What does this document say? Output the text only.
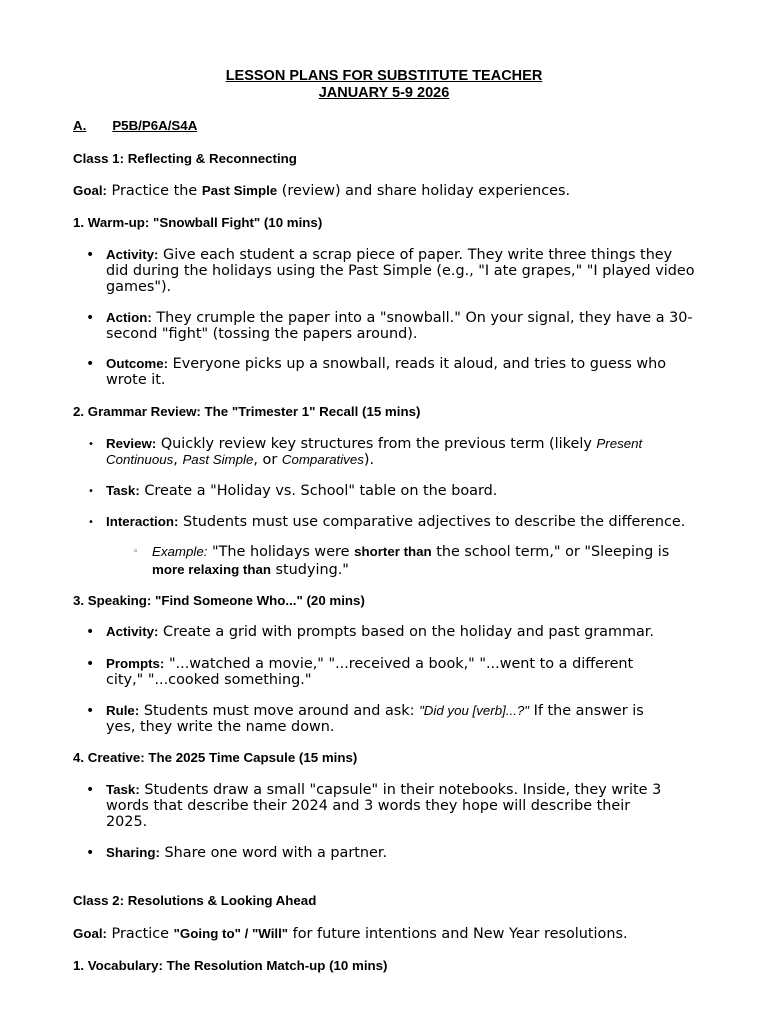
LESSON PLANS FOR SUBSTITUTE TEACHER
JANUARY 5-9 2026
A. P5B/P6A/S4A
Class 1: Reflecting & Reconnecting
Goal: Practice the Past Simple (review) and share holiday experiences.
1. Warm-up: "Snowball Fight" (10 mins)
• Activity: Give each student a scrap piece of paper. They write three things they did during the holidays using the Past Simple (e.g., "I ate grapes," "I played video games").
• Action: They crumple the paper into a "snowball." On your signal, they have a 30-second "fight" (tossing the papers around).
• Outcome: Everyone picks up a snowball, reads it aloud, and tries to guess who wrote it.
2. Grammar Review: The "Trimester 1" Recall (15 mins)
• Review: Quickly review key structures from the previous term (likely Present Continuous, Past Simple, or Comparatives).
• Task: Create a "Holiday vs. School" table on the board.
• Interaction: Students must use comparative adjectives to describe the difference.
◦ Example: "The holidays were shorter than the school term," or "Sleeping is more relaxing than studying."
3. Speaking: "Find Someone Who..." (20 mins)
• Activity: Create a grid with prompts based on the holiday and past grammar.
• Prompts: "...watched a movie," "...received a book," "...went to a different city," "...cooked something."
• Rule: Students must move around and ask: "Did you [verb]...?" If the answer is yes, they write the name down.
4. Creative: The 2025 Time Capsule (15 mins)
• Task: Students draw a small "capsule" in their notebooks. Inside, they write 3 words that describe their 2024 and 3 words they hope will describe their 2025.
• Sharing: Share one word with a partner.
Class 2: Resolutions & Looking Ahead
Goal: Practice "Going to" / "Will" for future intentions and New Year resolutions.
1. Vocabulary: The Resolution Match-up (10 mins)
